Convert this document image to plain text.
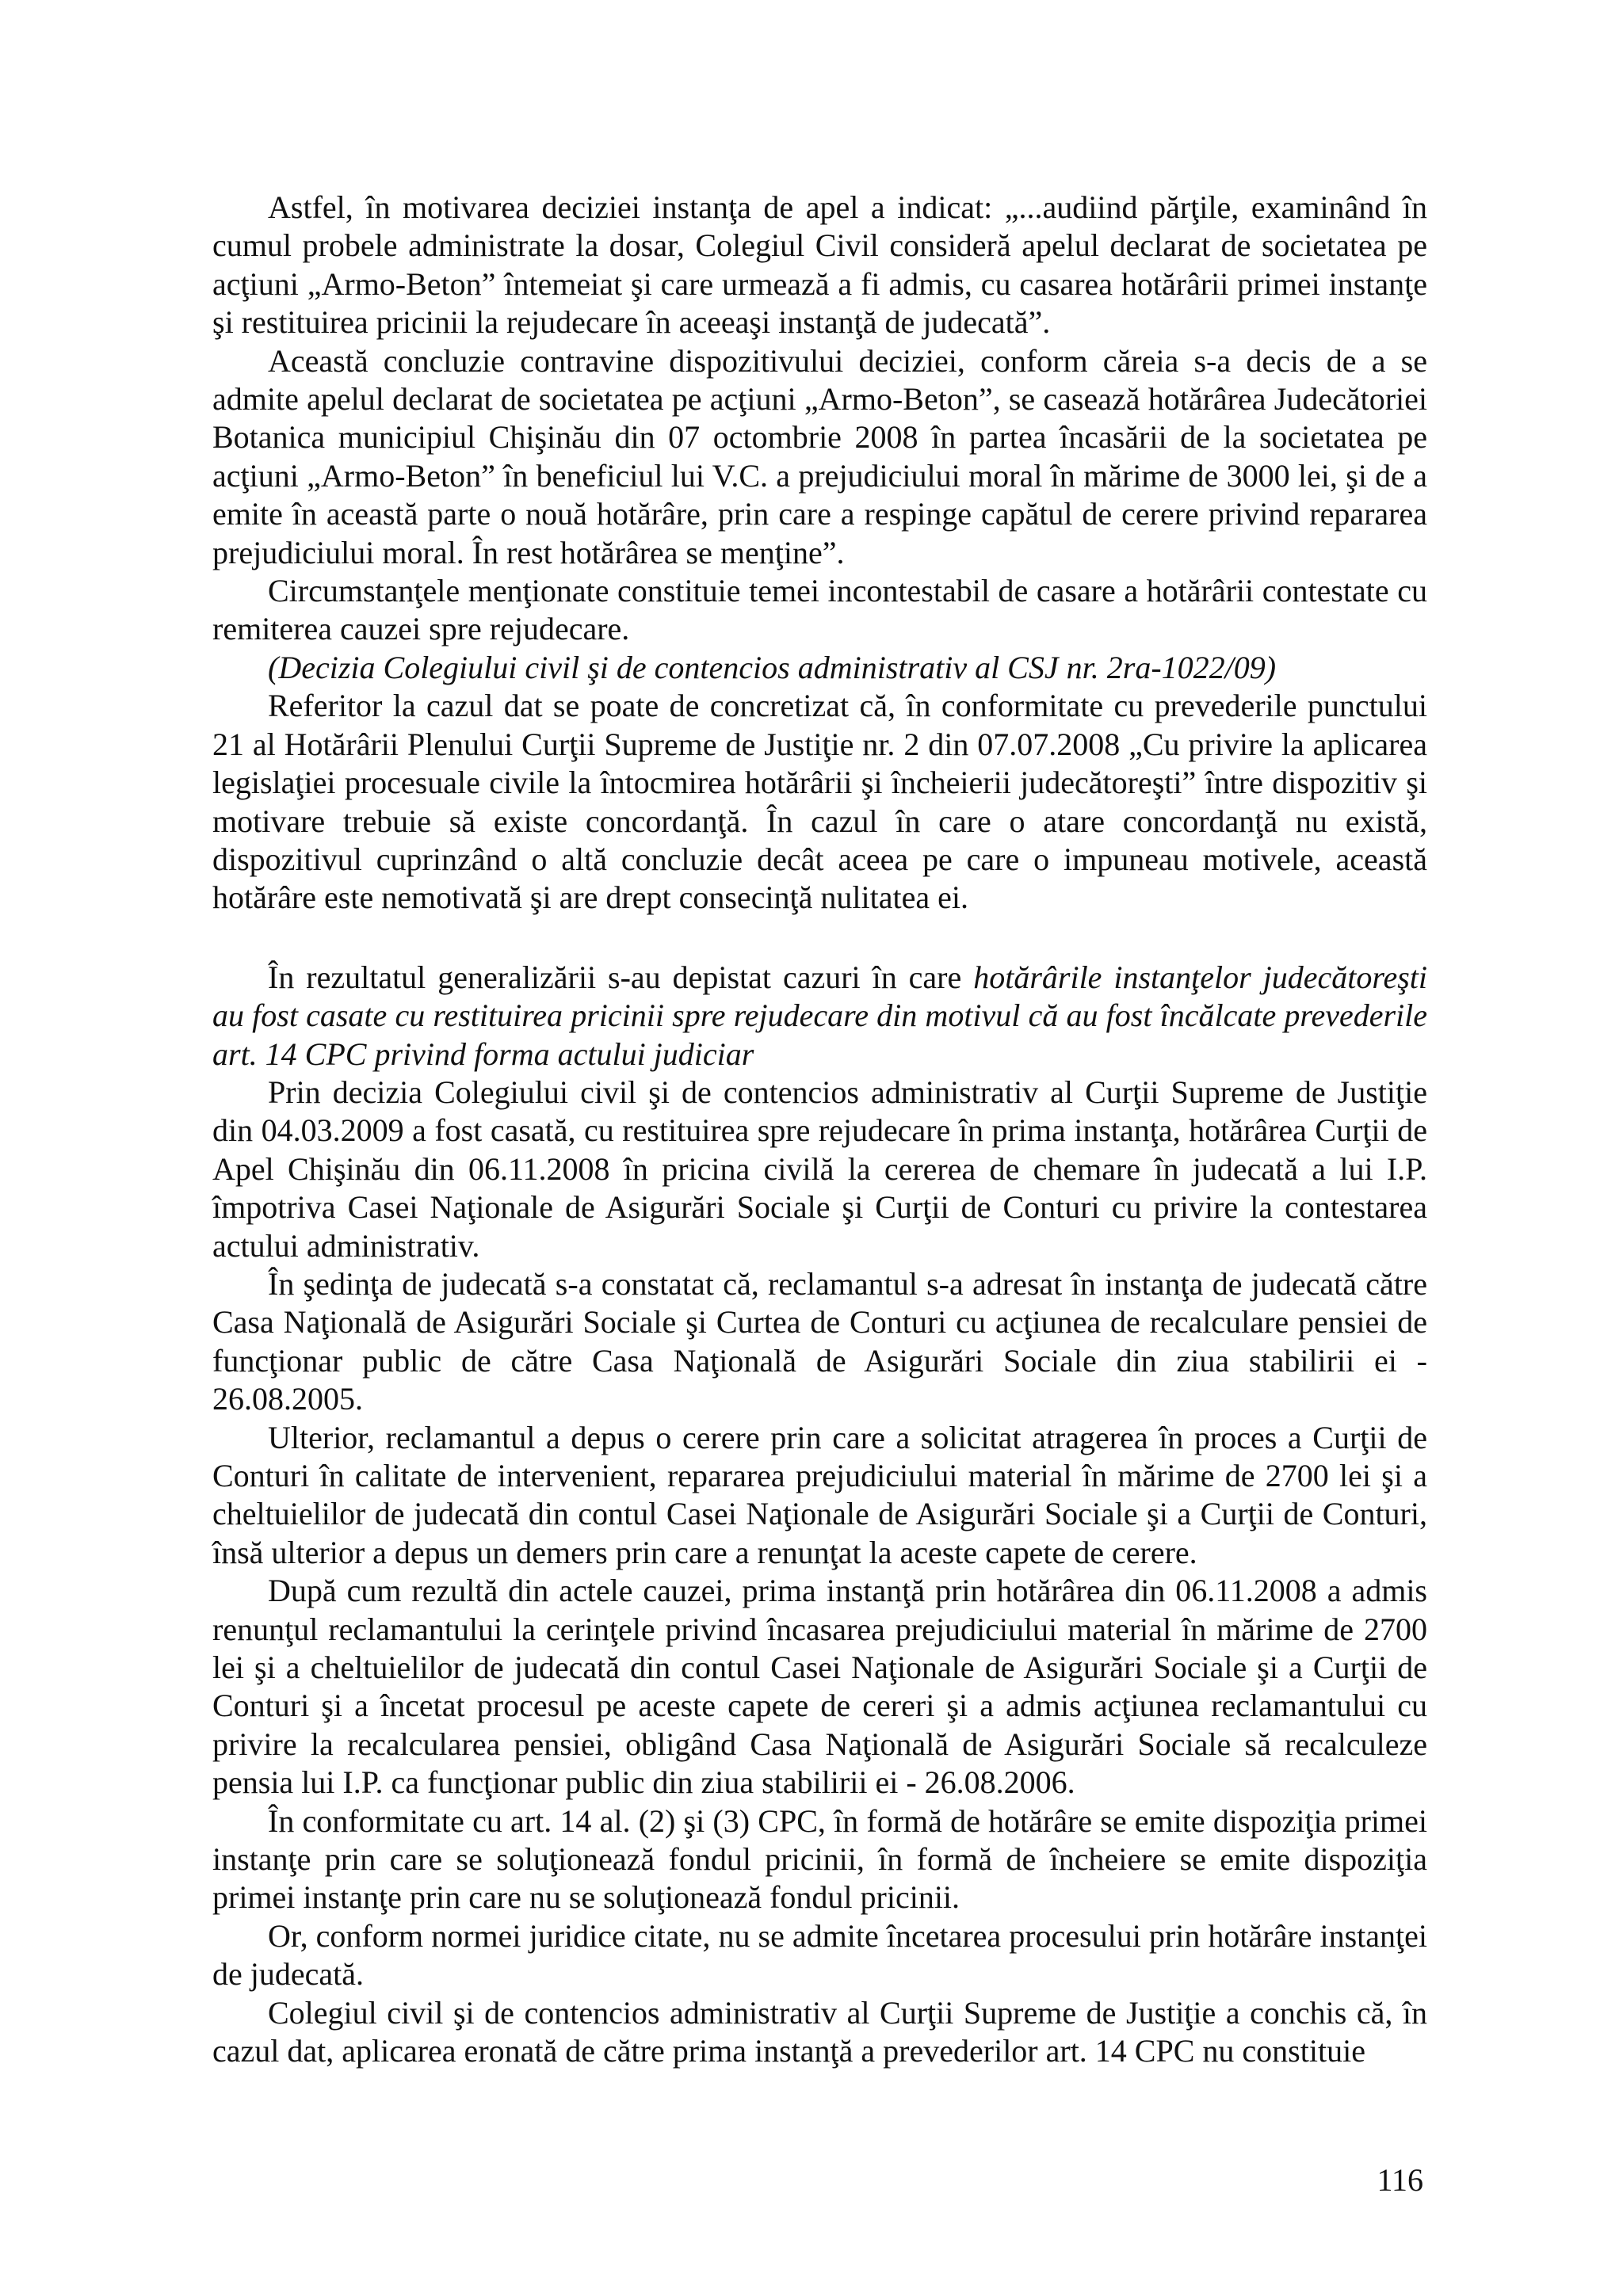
Astfel, în motivarea deciziei instanţa de apel a indicat: „...audiind părţile, examinând în cumul probele administrate la dosar, Colegiul Civil consideră apelul declarat de societatea pe acţiuni „Armo-Beton” întemeiat şi care urmează a fi admis, cu casarea hotărârii primei instanţe şi restituirea pricinii la rejudecare în aceeaşi instanţă de judecată”.

Această concluzie contravine dispozitivului deciziei, conform căreia s-a decis de a se admite apelul declarat de societatea pe acţiuni „Armo-Beton”, se casează hotărârea Judecătoriei Botanica municipiul Chişinău din 07 octombrie 2008 în partea încasării de la societatea pe acţiuni „Armo-Beton” în beneficiul lui V.C. a prejudiciului moral în mărime de 3000 lei, şi de a emite în această parte o nouă hotărâre, prin care a respinge capătul de cerere privind repararea prejudiciului moral. În rest hotărârea se menţine”.

Circumstanţele menţionate constituie temei incontestabil de casare a hotărârii contestate cu remiterea cauzei spre rejudecare.

(Decizia Colegiului civil şi de contencios administrativ al CSJ nr. 2ra-1022/09)

Referitor la cazul dat se poate de concretizat că, în conformitate cu prevederile punctului 21 al Hotărârii Plenului Curţii Supreme de Justiţie nr. 2 din 07.07.2008 „Cu privire la aplicarea legislaţiei procesuale civile la întocmirea hotărârii şi încheierii judecătoreşti” între dispozitiv şi motivare trebuie să existe concordanţă. În cazul în care o atare concordanţă nu există, dispozitivul cuprinzând o altă concluzie decât aceea pe care o impuneau motivele, această hotărâre este nemotivată şi are drept consecinţă nulitatea ei.

În rezultatul generalizării s-au depistat cazuri în care hotărârile instanţelor judecătoreşti au fost casate cu restituirea pricinii spre rejudecare din motivul că au fost încălcate prevederile art. 14 CPC privind forma actului judiciar

Prin decizia Colegiului civil şi de contencios administrativ al Curţii Supreme de Justiţie din 04.03.2009 a fost casată, cu restituirea spre rejudecare în prima instanţa, hotărârea Curţii de Apel Chişinău din 06.11.2008 în pricina civilă la cererea de chemare în judecată a lui I.P. împotriva Casei Naţionale de Asigurări Sociale şi Curţii de Conturi cu privire la contestarea actului administrativ.

În şedinţa de judecată s-a constatat că, reclamantul s-a adresat în instanţa de judecată către Casa Naţională de Asigurări Sociale şi Curtea de Conturi cu acţiunea de recalculare pensiei de funcţionar public de către Casa Naţională de Asigurări Sociale din ziua stabilirii ei - 26.08.2005.

Ulterior, reclamantul a depus o cerere prin care a solicitat atragerea în proces a Curţii de Conturi în calitate de intervenient, repararea prejudiciului material în mărime de 2700 lei şi a cheltuielilor de judecată din contul Casei Naţionale de Asigurări Sociale şi a Curţii de Conturi, însă ulterior a depus un demers prin care a renunţat la aceste capete de cerere.

După cum rezultă din actele cauzei, prima instanţă prin hotărârea din 06.11.2008 a admis renunţul reclamantului la cerinţele privind încasarea prejudiciului material în mărime de 2700 lei şi a cheltuielilor de judecată din contul Casei Naţionale de Asigurări Sociale şi a Curţii de Conturi şi a încetat procesul pe aceste capete de cereri şi a admis acţiunea reclamantului cu privire la recalcularea pensiei, obligând Casa Naţională de Asigurări Sociale să recalculeze pensia lui I.P. ca funcţionar public din ziua stabilirii ei - 26.08.2006.

În conformitate cu art. 14 al. (2) şi (3) CPC, în formă de hotărâre se emite dispoziţia primei instanţe prin care se soluţionează fondul pricinii, în formă de încheiere se emite dispoziţia primei instanţe prin care nu se soluţionează fondul pricinii.

Or, conform normei juridice citate, nu se admite încetarea procesului prin hotărâre instanţei de judecată.

Colegiul civil şi de contencios administrativ al Curţii Supreme de Justiţie a conchis că, în cazul dat, aplicarea eronată de către prima instanţă a prevederilor art. 14 CPC nu constituie

116
